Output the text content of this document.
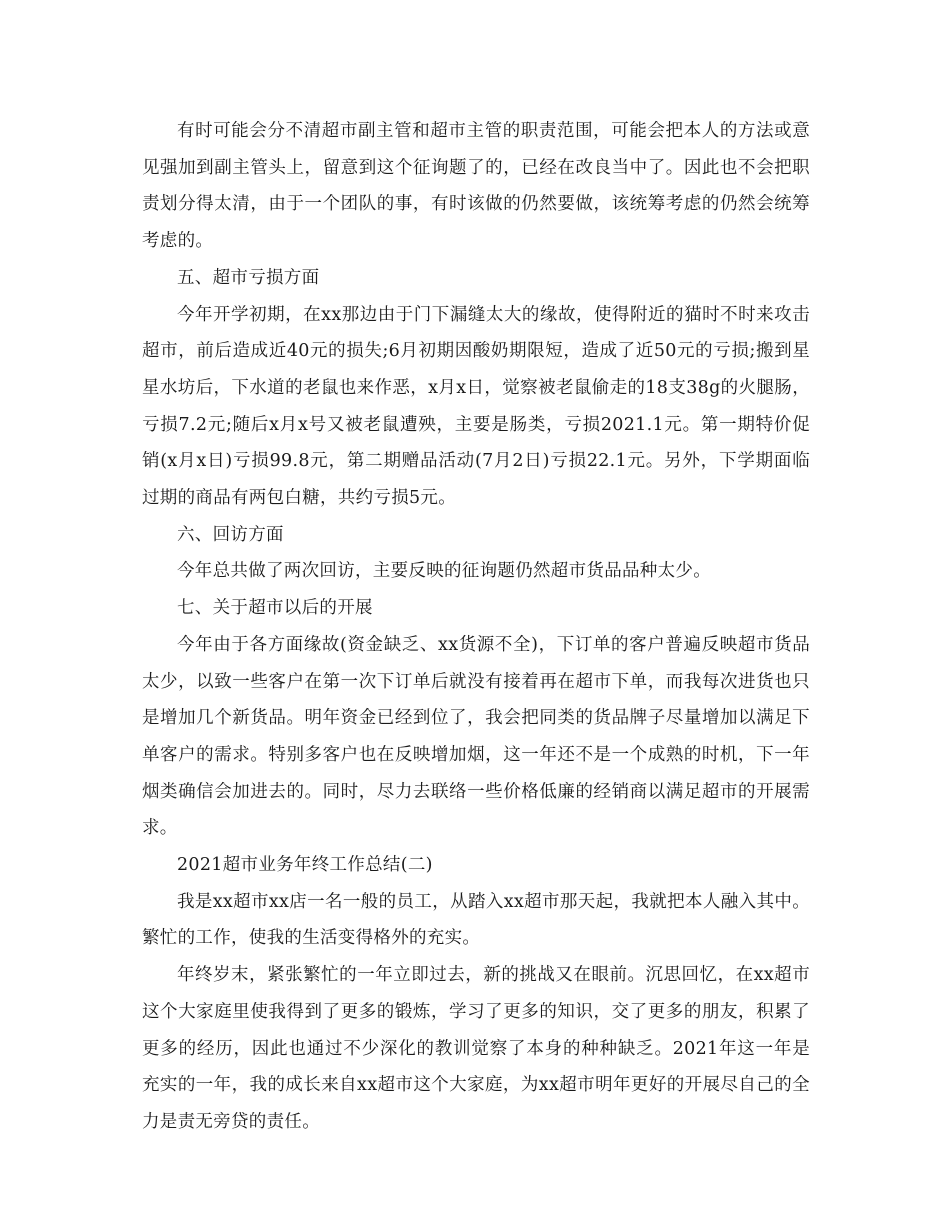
有时可能会分不清超市副主管和超市主管的职责范围，可能会把本人的方法或意见强加到副主管头上，留意到这个征询题了的，已经在改良当中了。因此也不会把职责划分得太清，由于一个团队的事，有时该做的仍然要做，该统筹考虑的仍然会统筹考虑的。

五、超市亏损方面

今年开学初期，在xx那边由于门下漏缝太大的缘故，使得附近的猫时不时来攻击超市，前后造成近40元的损失;6月初期因酸奶期限短，造成了近50元的亏损;搬到星星水坊后，下水道的老鼠也来作恶，x月x日，觉察被老鼠偷走的18支38g的火腿肠，亏损7.2元;随后x月x号又被老鼠遭殃，主要是肠类，亏损2021.1元。第一期特价促销(x月x日)亏损99.8元，第二期赠品活动(7月2日)亏损22.1元。另外，下学期面临过期的商品有两包白糖，共约亏损5元。

六、回访方面

今年总共做了两次回访，主要反映的征询题仍然超市货品品种太少。

七、关于超市以后的开展

今年由于各方面缘故(资金缺乏、xx货源不全)，下订单的客户普遍反映超市货品太少，以致一些客户在第一次下订单后就没有接着再在超市下单，而我每次进货也只是增加几个新货品。明年资金已经到位了，我会把同类的货品牌子尽量增加以满足下单客户的需求。特别多客户也在反映增加烟，这一年还不是一个成熟的时机，下一年烟类确信会加进去的。同时，尽力去联络一些价格低廉的经销商以满足超市的开展需求。

2021超市业务年终工作总结(二)

我是xx超市xx店一名一般的员工，从踏入xx超市那天起，我就把本人融入其中。繁忙的工作，使我的生活变得格外的充实。

年终岁末，紧张繁忙的一年立即过去，新的挑战又在眼前。沉思回忆，在xx超市这个大家庭里使我得到了更多的锻炼，学习了更多的知识，交了更多的朋友，积累了更多的经历，因此也通过不少深化的教训觉察了本身的种种缺乏。2021年这一年是充实的一年，我的成长来自xx超市这个大家庭，为xx超市明年更好的开展尽自己的全力是责无旁贷的责任。
